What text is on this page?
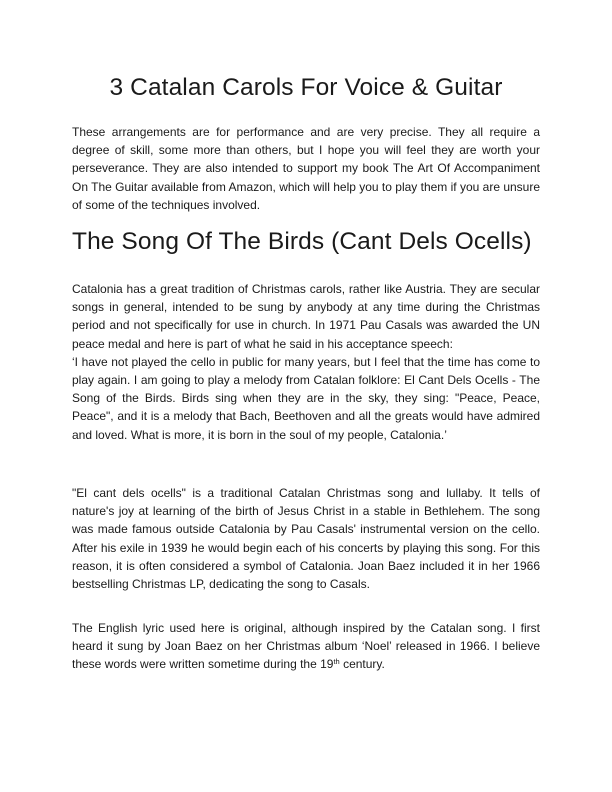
3 Catalan Carols For Voice & Guitar

These arrangements are for performance and are very precise. They all require a degree of skill, some more than others, but I hope you will feel they are worth your perseverance. They are also intended to support my book The Art Of Accompaniment On The Guitar available from Amazon, which will help you to play them if you are unsure of some of the techniques involved.

The Song Of The Birds (Cant Dels Ocells)

Catalonia has a great tradition of Christmas carols, rather like Austria. They are secular songs in general, intended to be sung by anybody at any time during the Christmas period and not specifically for use in church. In 1971 Pau Casals was awarded the UN peace medal and here is part of what he said in his acceptance speech:

‘I have not played the cello in public for many years, but I feel that the time has come to play again. I am going to play a melody from Catalan folklore: El Cant Dels Ocells - The Song of the Birds. Birds sing when they are in the sky, they sing: "Peace, Peace, Peace", and it is a melody that Bach, Beethoven and all the greats would have admired and loved. What is more, it is born in the soul of my people, Catalonia.’

"El cant dels ocells" is a traditional Catalan Christmas song and lullaby. It tells of nature's joy at learning of the birth of Jesus Christ in a stable in Bethlehem. The song was made famous outside Catalonia by Pau Casals' instrumental version on the cello. After his exile in 1939 he would begin each of his concerts by playing this song. For this reason, it is often considered a symbol of Catalonia. Joan Baez included it in her 1966 bestselling Christmas LP, dedicating the song to Casals.

The English lyric used here is original, although inspired by the Catalan song. I first heard it sung by Joan Baez on her Christmas album ‘Noel’ released in 1966. I believe these words were written sometime during the 19th century.
